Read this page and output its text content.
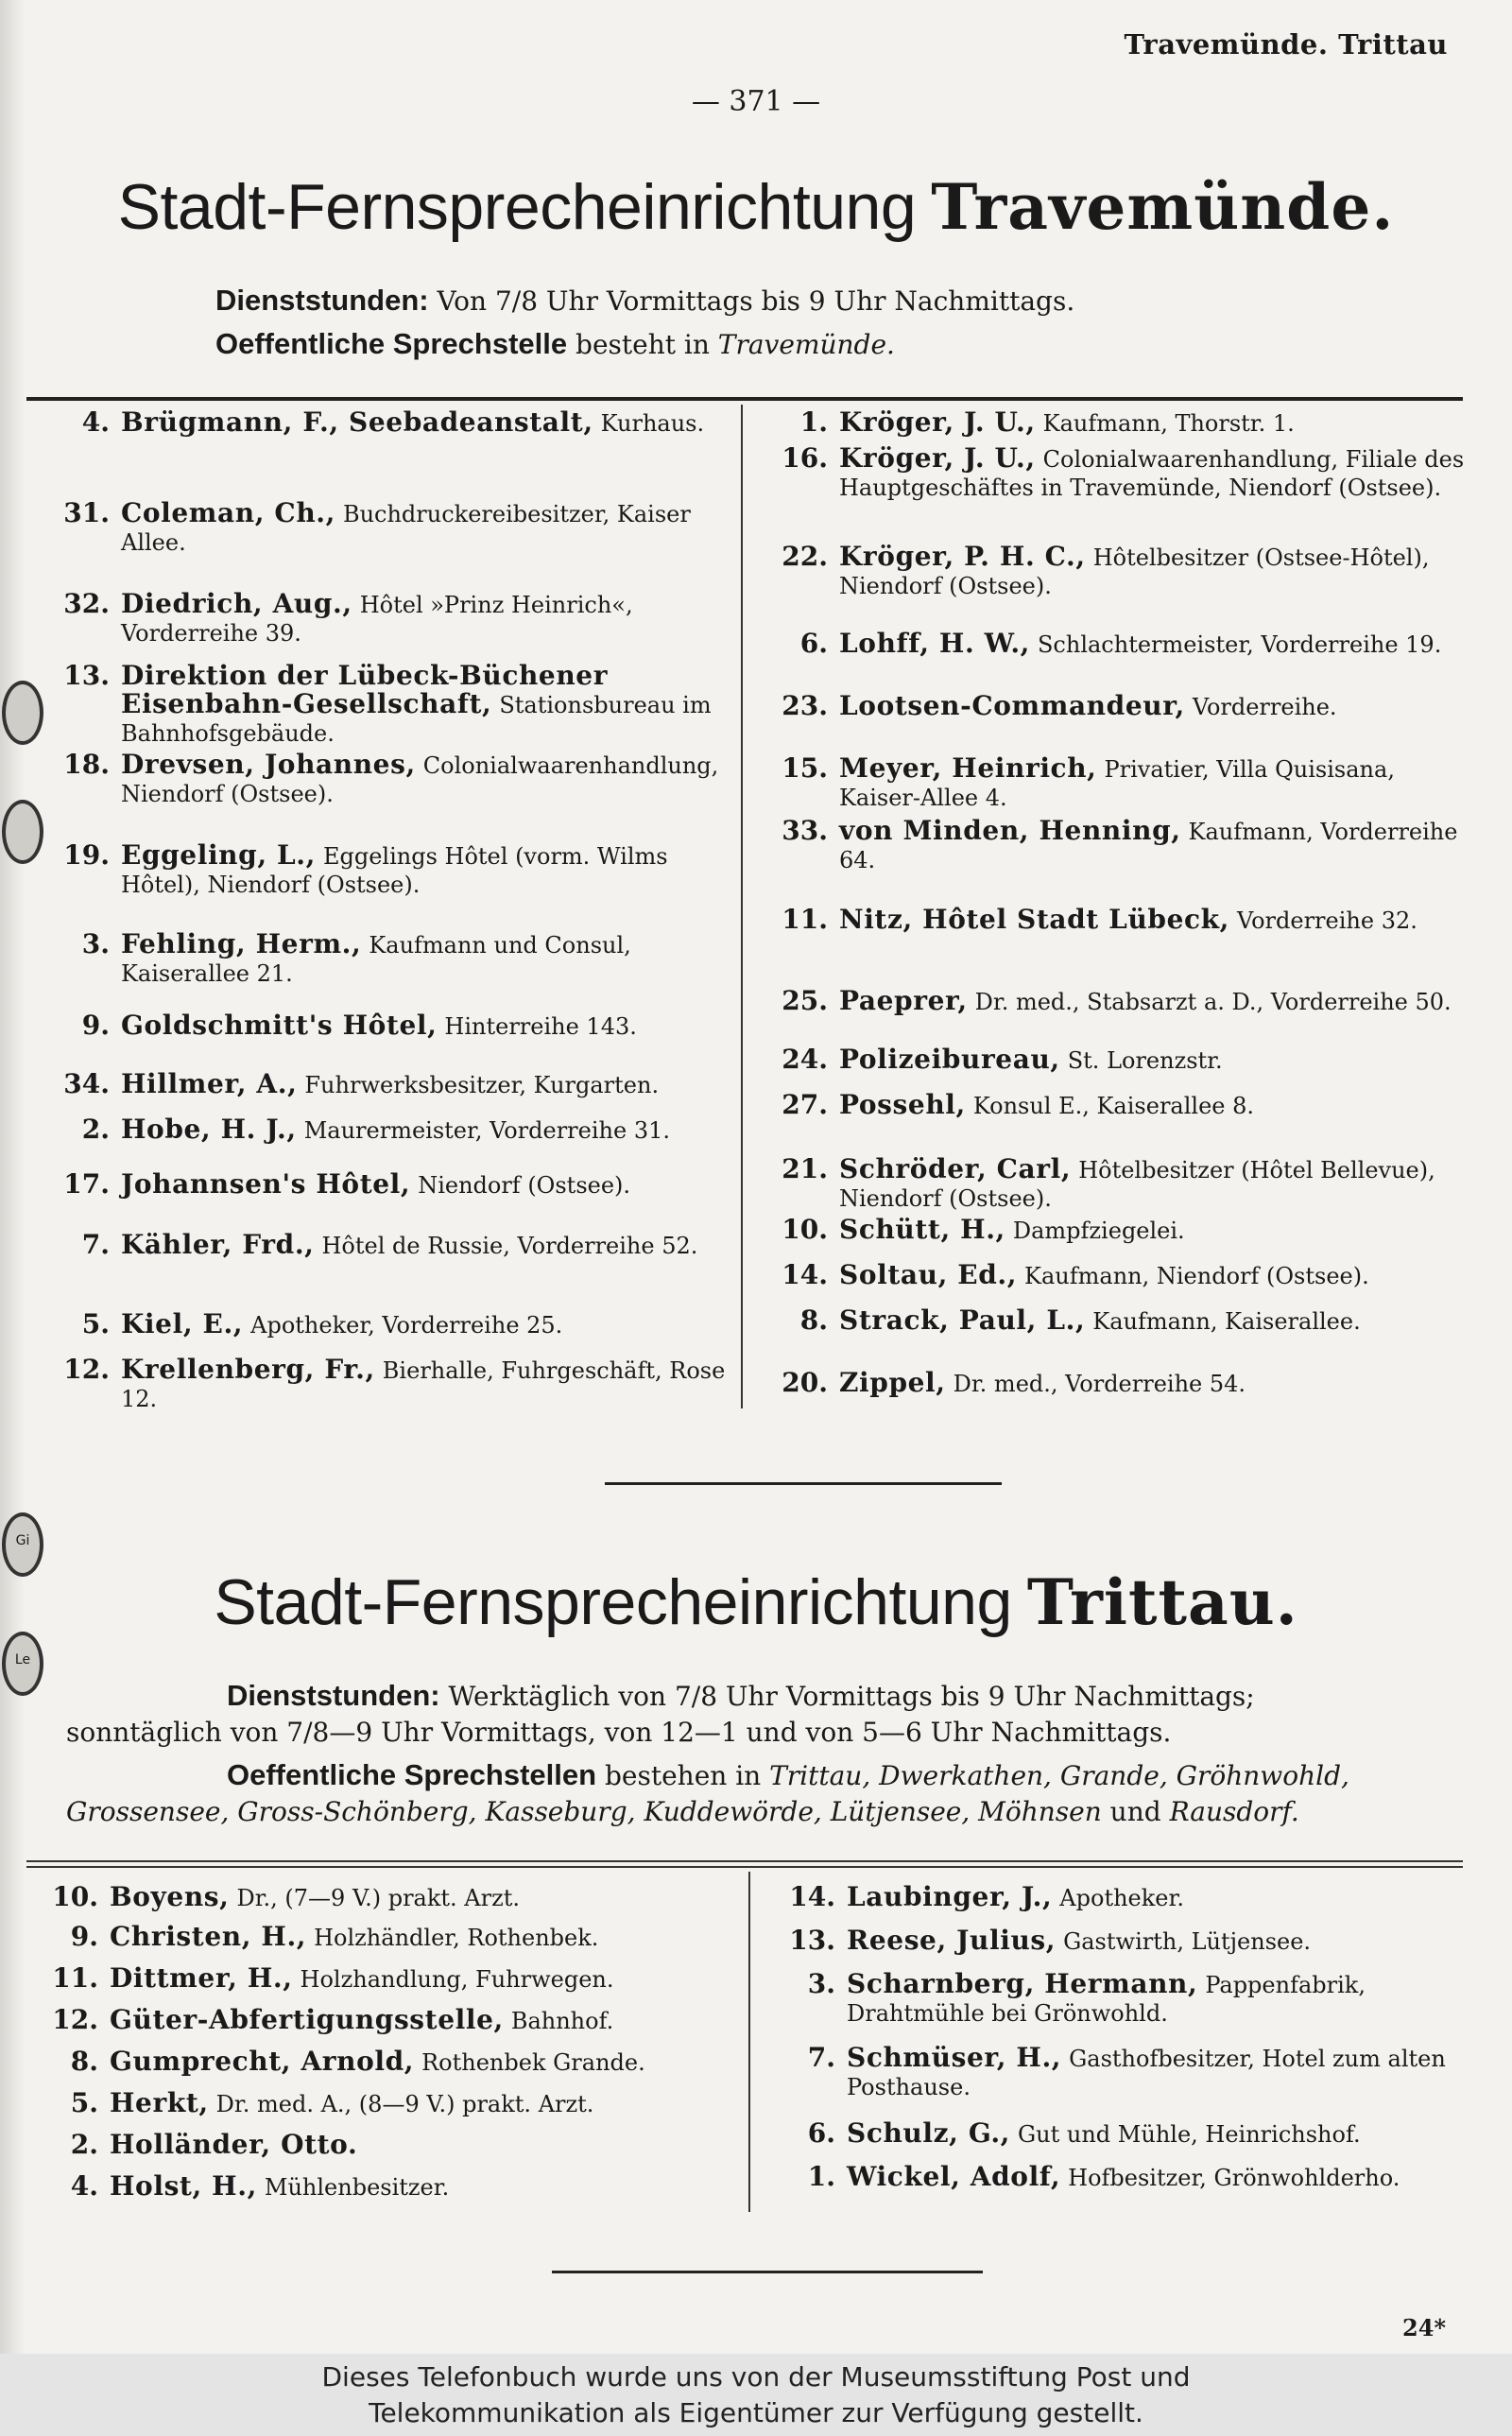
Gi
Le
Travemünde. Trittau
— 371 —
Stadt-Fernsprecheinrichtung Travemünde.
Dienststunden: Von 7/8 Uhr Vormittags bis 9 Uhr Nachmittags.
Oeffentliche Sprechstelle besteht in Travemünde.
4. Brügmann, F., Seebadeanstalt, Kurhaus.
31. Coleman, Ch., Buchdruckereibesitzer, Kaiser Allee.
32. Diedrich, Aug., Hôtel »Prinz Heinrich«, Vorderreihe 39.
13. Direktion der Lübeck-Büchener Eisenbahn-Gesellschaft, Stationsbureau im Bahnhofsgebäude.
18. Drevsen, Johannes, Colonialwaarenhandlung, Niendorf (Ostsee).
19. Eggeling, L., Eggelings Hôtel (vorm. Wilms Hôtel), Niendorf (Ostsee).
3. Fehling, Herm., Kaufmann und Consul, Kaiserallee 21.
9. Goldschmitt's Hôtel, Hinterreihe 143.
34. Hillmer, A., Fuhrwerksbesitzer, Kurgarten.
2. Hobe, H. J., Maurermeister, Vorderreihe 31.
17. Johannsen's Hôtel, Niendorf (Ostsee).
7. Kähler, Frd., Hôtel de Russie, Vorderreihe 52.
5. Kiel, E., Apotheker, Vorderreihe 25.
12. Krellenberg, Fr., Bierhalle, Fuhrgeschäft, Rose 12.
1. Kröger, J. U., Kaufmann, Thorstr. 1.
16. Kröger, J. U., Colonialwaarenhandlung, Filiale des Hauptgeschäftes in Travemünde, Niendorf (Ostsee).
22. Kröger, P. H. C., Hôtelbesitzer (Ostsee-Hôtel), Niendorf (Ostsee).
6. Lohff, H. W., Schlachtermeister, Vorderreihe 19.
23. Lootsen-Commandeur, Vorderreihe.
15. Meyer, Heinrich, Privatier, Villa Quisisana, Kaiser-Allee 4.
33. von Minden, Henning, Kaufmann, Vorderreihe 64.
11. Nitz, Hôtel Stadt Lübeck, Vorderreihe 32.
25. Paeprer, Dr. med., Stabsarzt a. D., Vorderreihe 50.
24. Polizeibureau, St. Lorenzstr.
27. Possehl, Konsul E., Kaiserallee 8.
21. Schröder, Carl, Hôtelbesitzer (Hôtel Bellevue), Niendorf (Ostsee).
10. Schütt, H., Dampfziegelei.
14. Soltau, Ed., Kaufmann, Niendorf (Ostsee).
8. Strack, Paul, L., Kaufmann, Kaiserallee.
20. Zippel, Dr. med., Vorderreihe 54.
Stadt-Fernsprecheinrichtung Trittau.
Dienststunden: Werktäglich von 7/8 Uhr Vormittags bis 9 Uhr Nachmittags;
sonntäglich von 7/8—9 Uhr Vormittags, von 12—1 und von 5—6 Uhr Nachmittags.
Oeffentliche Sprechstellen bestehen in Trittau, Dwerkathen, Grande, Gröhnwohld,
Grossensee, Gross-Schönberg, Kasseburg, Kuddewörde, Lütjensee, Möhnsen und Rausdorf.
10. Boyens, Dr., (7—9 V.) prakt. Arzt.
9. Christen, H., Holzhändler, Rothenbek.
11. Dittmer, H., Holzhandlung, Fuhrwegen.
12. Güter-Abfertigungsstelle, Bahnhof.
8. Gumprecht, Arnold, Rothenbek Grande.
5. Herkt, Dr. med. A., (8—9 V.) prakt. Arzt.
2. Holländer, Otto.
4. Holst, H., Mühlenbesitzer.
14. Laubinger, J., Apotheker.
13. Reese, Julius, Gastwirth, Lütjensee.
3. Scharnberg, Hermann, Pappenfabrik, Drahtmühle bei Grönwohld.
7. Schmüser, H., Gasthofbesitzer, Hotel zum alten Posthause.
6. Schulz, G., Gut und Mühle, Heinrichshof.
1. Wickel, Adolf, Hofbesitzer, Grönwohlderho.
24*
Dieses Telefonbuch wurde uns von der Museumsstiftung Post und
Telekommunikation als Eigentümer zur Verfügung gestellt.
